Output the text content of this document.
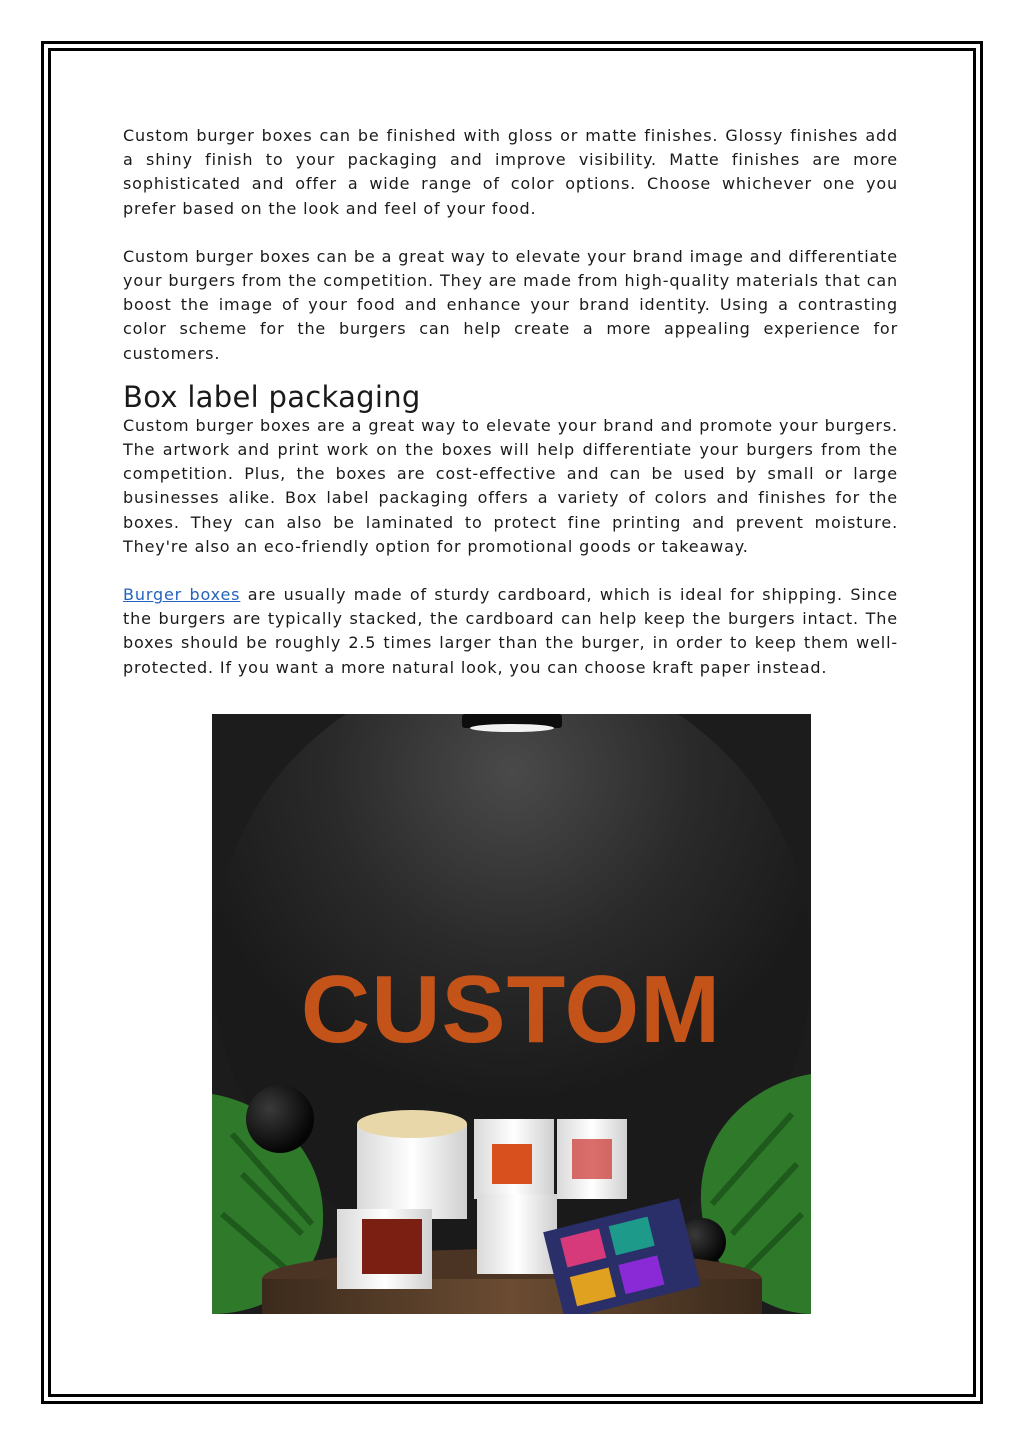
Custom burger boxes can be finished with gloss or matte finishes. Glossy finishes add a shiny finish to your packaging and improve visibility. Matte finishes are more sophisticated and offer a wide range of color options. Choose whichever one you prefer based on the look and feel of your food.

Custom burger boxes can be a great way to elevate your brand image and differentiate your burgers from the competition. They are made from high-quality materials that can boost the image of your food and enhance your brand identity. Using a contrasting color scheme for the burgers can help create a more appealing experience for customers.

Box label packaging

Custom burger boxes are a great way to elevate your brand and promote your burgers. The artwork and print work on the boxes will help differentiate your burgers from the competition. Plus, the boxes are cost-effective and can be used by small or large businesses alike. Box label packaging offers a variety of colors and finishes for the boxes. They can also be laminated to protect fine printing and prevent moisture. They're also an eco-friendly option for promotional goods or takeaway.

Burger boxes are usually made of sturdy cardboard, which is ideal for shipping. Since the burgers are typically stacked, the cardboard can help keep the burgers intact. The boxes should be roughly 2.5 times larger than the burger, in order to keep them well-protected. If you want a more natural look, you can choose kraft paper instead.

CUSTOM
